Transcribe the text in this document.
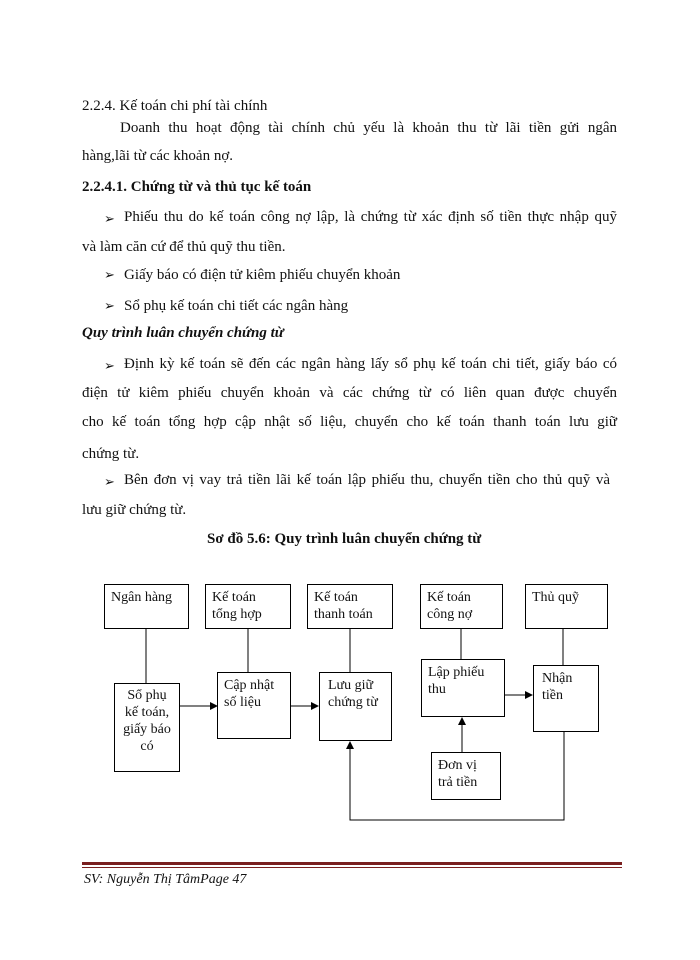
2.2.4. Kế toán chi phí tài chính
Doanh thu hoạt động tài chính chủ yếu là khoản thu từ lãi tiền gửi ngân
hàng,lãi từ các khoản nợ.
2.2.4.1. Chứng từ và thủ tục kế toán
➢ Phiếu thu do kế toán công nợ lập, là chứng từ xác định số tiền thực nhập quỹ
và làm căn cứ để thủ quỹ thu tiền.
➢ Giấy báo có điện tử kiêm phiếu chuyển khoản
➢ Sổ phụ kế toán chi tiết các ngân hàng
Quy trình luân chuyển chứng từ
➢ Định kỳ kế toán sẽ đến các ngân hàng lấy sổ phụ kế toán chi tiết, giấy báo có
điện tử kiêm phiếu chuyển khoản và các chứng từ có liên quan được chuyển
cho kế toán tổng hợp cập nhật số liệu, chuyển cho kế toán thanh toán lưu giữ
chứng từ.
➢ Bên đơn vị vay trả tiền lãi kế toán lập phiếu thu, chuyển tiền cho thủ quỹ và
lưu giữ chứng từ.
Sơ đồ 5.6: Quy trình luân chuyển chứng từ
Ngân hàng	Kế toán
tổng hợp
Kế toán
thanh toán
Kế toán
công nợ
Thủ quỹ
Sổ phụ
kế toán,
giấy báo
có
Cập nhật
số liệu
Lưu giữ
chứng từ
Lập phiếu
thu
Nhận
tiền
Đơn vị
trả tiền
SV: Nguyễn Thị TâmPage 47
